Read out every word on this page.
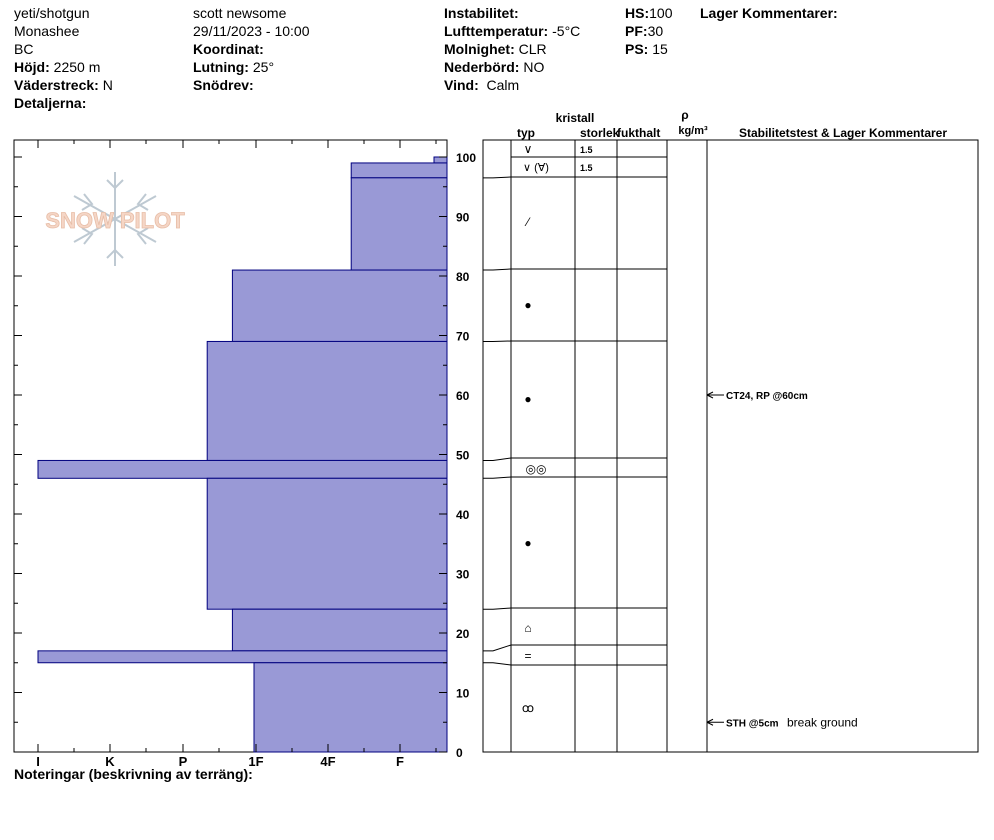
yeti/shotgun
Monashee
BC
Höjd: 2250 m
Väderstreck: N
Detaljerna:
scott newsome
29/11/2023 - 10:00
Koordinat:
Lutning: 25°
Snödrev:
Instabilitet:
Lufttemperatur: -5°C
Molnighet: CLR
Nederbörd: NO
Vind: Calm
HS:100
PF:30
PS: 15
Lager Kommentarer:
SNOW PILOT
I	K	P	1F	4F	F
0
10
20
30
40
50
60
70
80
90
100
∨	1.5
∨ (∀)	1.5
⁄
●
●
◎◎
●
⌂
=
ꝏ
CT24, RP @60cm
STH @5cm break ground
kristall
typ	storlek
fukthalt
ρ
kg/m³	Stabilitetstest & Lager Kommentarer
Noteringar (beskrivning av terräng):
